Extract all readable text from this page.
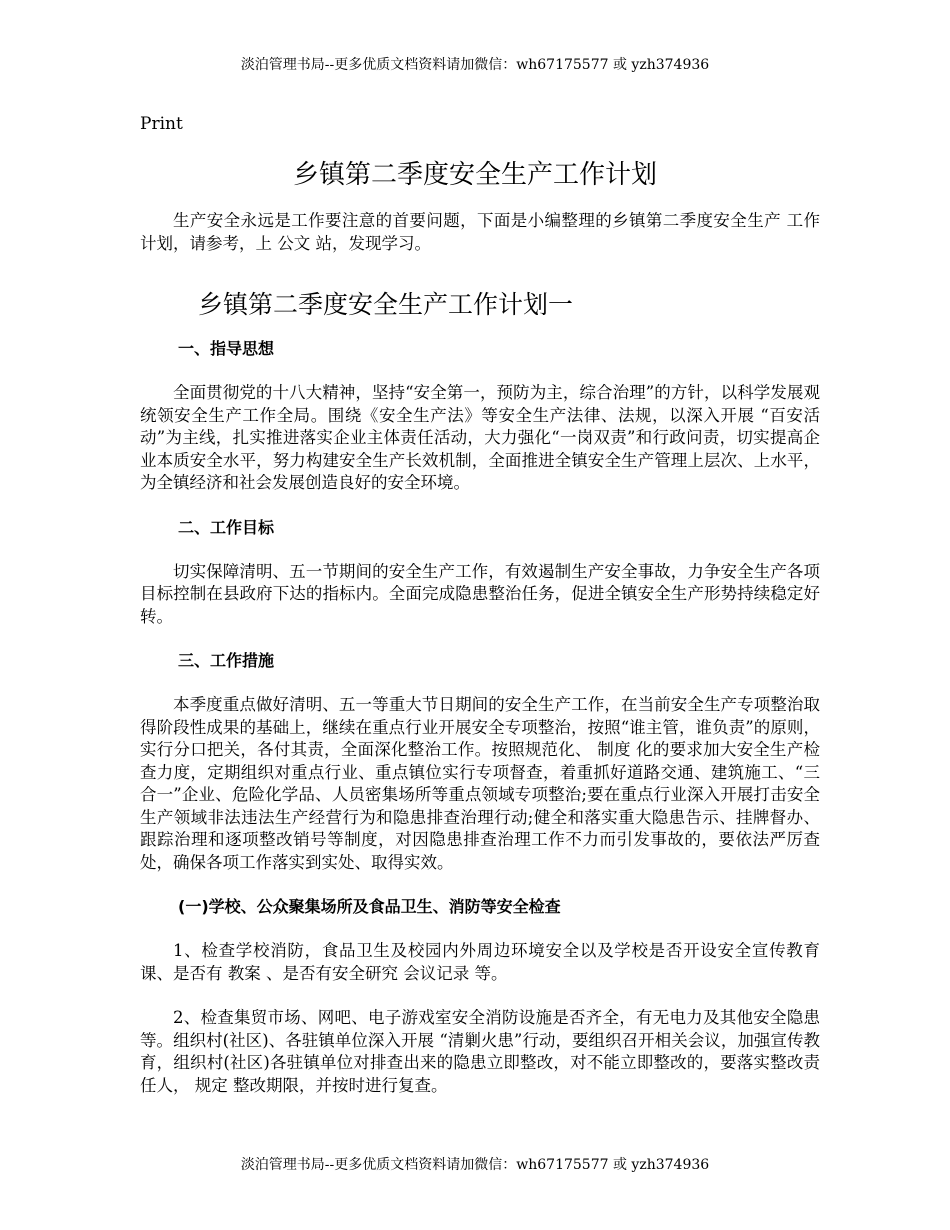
淡泊管理书局--更多优质文档资料请加微信：wh67175577 或 yzh374936
Print
乡镇第二季度安全生产工作计划

生产安全永远是工作要注意的首要问题，下面是小编整理的乡镇第二季度安全生产 工作计划，请参考，上 公文 站，发现学习。

乡镇第二季度安全生产工作计划一
一、指导思想

全面贯彻党的十八大精神，坚持“安全第一，预防为主，综合治理”的方针，以科学发展观统领安全生产工作全局。围绕《安全生产法》等安全生产法律、法规，以深入开展 “百安活动”为主线，扎实推进落实企业主体责任活动，大力强化“一岗双责”和行政问责，切实提高企业本质安全水平，努力构建安全生产长效机制，全面推进全镇安全生产管理上层次、上水平，为全镇经济和社会发展创造良好的安全环境。

二、工作目标

切实保障清明、五一节期间的安全生产工作，有效遏制生产安全事故，力争安全生产各项目标控制在县政府下达的指标内。全面完成隐患整治任务，促进全镇安全生产形势持续稳定好转。

三、工作措施

本季度重点做好清明、五一等重大节日期间的安全生产工作，在当前安全生产专项整治取得阶段性成果的基础上，继续在重点行业开展安全专项整治，按照“谁主管，谁负责”的原则，实行分口把关，各付其责，全面深化整治工作。按照规范化、 制度 化的要求加大安全生产检查力度，定期组织对重点行业、重点镇位实行专项督查，着重抓好道路交通、建筑施工、“三合一”企业、危险化学品、人员密集场所等重点领域专项整治;要在重点行业深入开展打击安全生产领域非法违法生产经营行为和隐患排查治理行动;健全和落实重大隐患告示、挂牌督办、跟踪治理和逐项整改销号等制度，对因隐患排查治理工作不力而引发事故的，要依法严厉查处，确保各项工作落实到实处、取得实效。

(一)学校、公众聚集场所及食品卫生、消防等安全检查

1、检查学校消防，食品卫生及校园内外周边环境安全以及学校是否开设安全宣传教育课、是否有 教案 、是否有安全研究 会议记录 等。

2、检查集贸市场、网吧、电子游戏室安全消防设施是否齐全，有无电力及其他安全隐患等。组织村(社区)、各驻镇单位深入开展 “清剿火患”行动，要组织召开相关会议，加强宣传教育，组织村(社区)各驻镇单位对排查出来的隐患立即整改，对不能立即整改的，要落实整改责任人， 规定 整改期限，并按时进行复查。

淡泊管理书局--更多优质文档资料请加微信：wh67175577 或 yzh374936
